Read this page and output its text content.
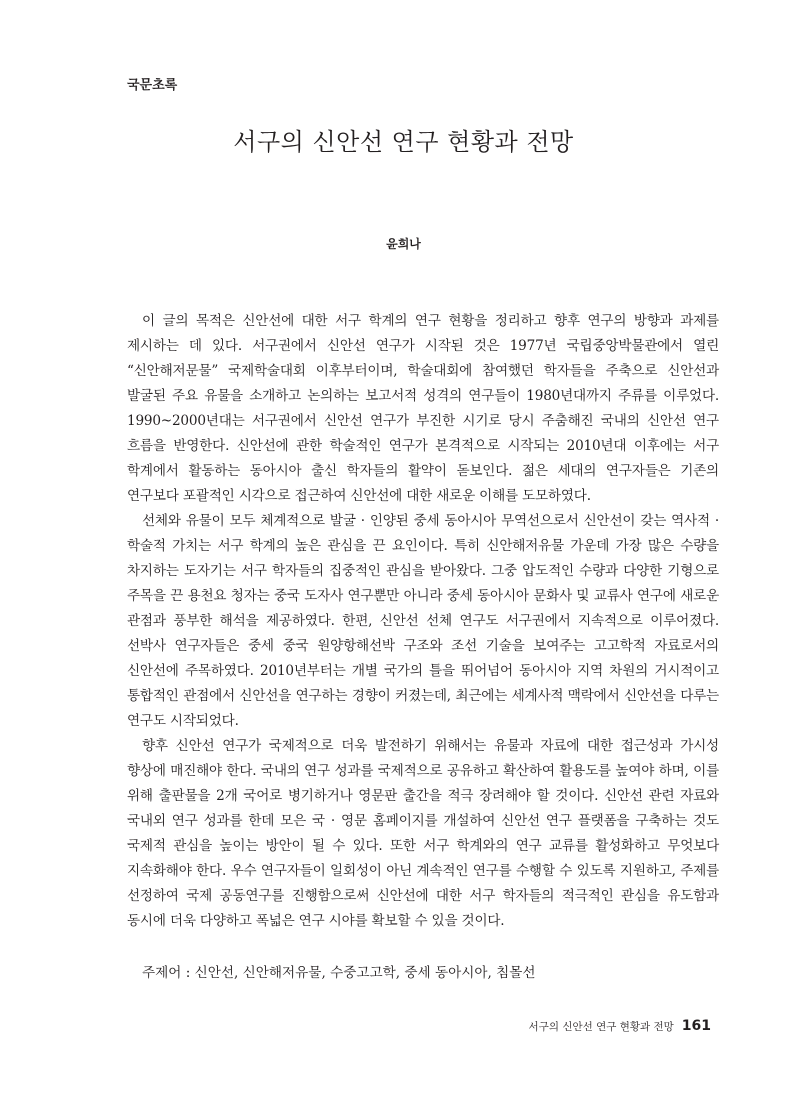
국문초록
서구의 신안선 연구 현황과 전망
윤희나

이 글의 목적은 신안선에 대한 서구 학계의 연구 현황을 정리하고 향후 연구의 방향과 과제를 제시하는 데 있다. 서구권에서 신안선 연구가 시작된 것은 1977년 국립중앙박물관에서 열린 “신안해저문물” 국제학술대회 이후부터이며, 학술대회에 참여했던 학자들을 주축으로 신안선과 발굴된 주요 유물을 소개하고 논의하는 보고서적 성격의 연구들이 1980년대까지 주류를 이루었다. 1990~2000년대는 서구권에서 신안선 연구가 부진한 시기로 당시 주춤해진 국내의 신안선 연구 흐름을 반영한다. 신안선에 관한 학술적인 연구가 본격적으로 시작되는 2010년대 이후에는 서구 학계에서 활동하는 동아시아 출신 학자들의 활약이 돋보인다. 젊은 세대의 연구자들은 기존의 연구보다 포괄적인 시각으로 접근하여 신안선에 대한 새로운 이해를 도모하였다.

선체와 유물이 모두 체계적으로 발굴 · 인양된 중세 동아시아 무역선으로서 신안선이 갖는 역사적 · 학술적 가치는 서구 학계의 높은 관심을 끈 요인이다. 특히 신안해저유물 가운데 가장 많은 수량을 차지하는 도자기는 서구 학자들의 집중적인 관심을 받아왔다. 그중 압도적인 수량과 다양한 기형으로 주목을 끈 용천요 청자는 중국 도자사 연구뿐만 아니라 중세 동아시아 문화사 및 교류사 연구에 새로운 관점과 풍부한 해석을 제공하였다. 한편, 신안선 선체 연구도 서구권에서 지속적으로 이루어졌다. 선박사 연구자들은 중세 중국 원양항해선박 구조와 조선 기술을 보여주는 고고학적 자료로서의 신안선에 주목하였다. 2010년부터는 개별 국가의 틀을 뛰어넘어 동아시아 지역 차원의 거시적이고 통합적인 관점에서 신안선을 연구하는 경향이 커졌는데, 최근에는 세계사적 맥락에서 신안선을 다루는 연구도 시작되었다.

향후 신안선 연구가 국제적으로 더욱 발전하기 위해서는 유물과 자료에 대한 접근성과 가시성 향상에 매진해야 한다. 국내의 연구 성과를 국제적으로 공유하고 확산하여 활용도를 높여야 하며, 이를 위해 출판물을 2개 국어로 병기하거나 영문판 출간을 적극 장려해야 할 것이다. 신안선 관련 자료와 국내외 연구 성과를 한데 모은 국 · 영문 홈페이지를 개설하여 신안선 연구 플랫폼을 구축하는 것도 국제적 관심을 높이는 방안이 될 수 있다. 또한 서구 학계와의 연구 교류를 활성화하고 무엇보다 지속화해야 한다. 우수 연구자들이 일회성이 아닌 계속적인 연구를 수행할 수 있도록 지원하고, 주제를 선정하여 국제 공동연구를 진행함으로써 신안선에 대한 서구 학자들의 적극적인 관심을 유도함과 동시에 더욱 다양하고 폭넓은 연구 시야를 확보할 수 있을 것이다.

주제어 : 신안선, 신안해저유물, 수중고고학, 중세 동아시아, 침몰선
서구의 신안선 연구 현황과 전망 161
